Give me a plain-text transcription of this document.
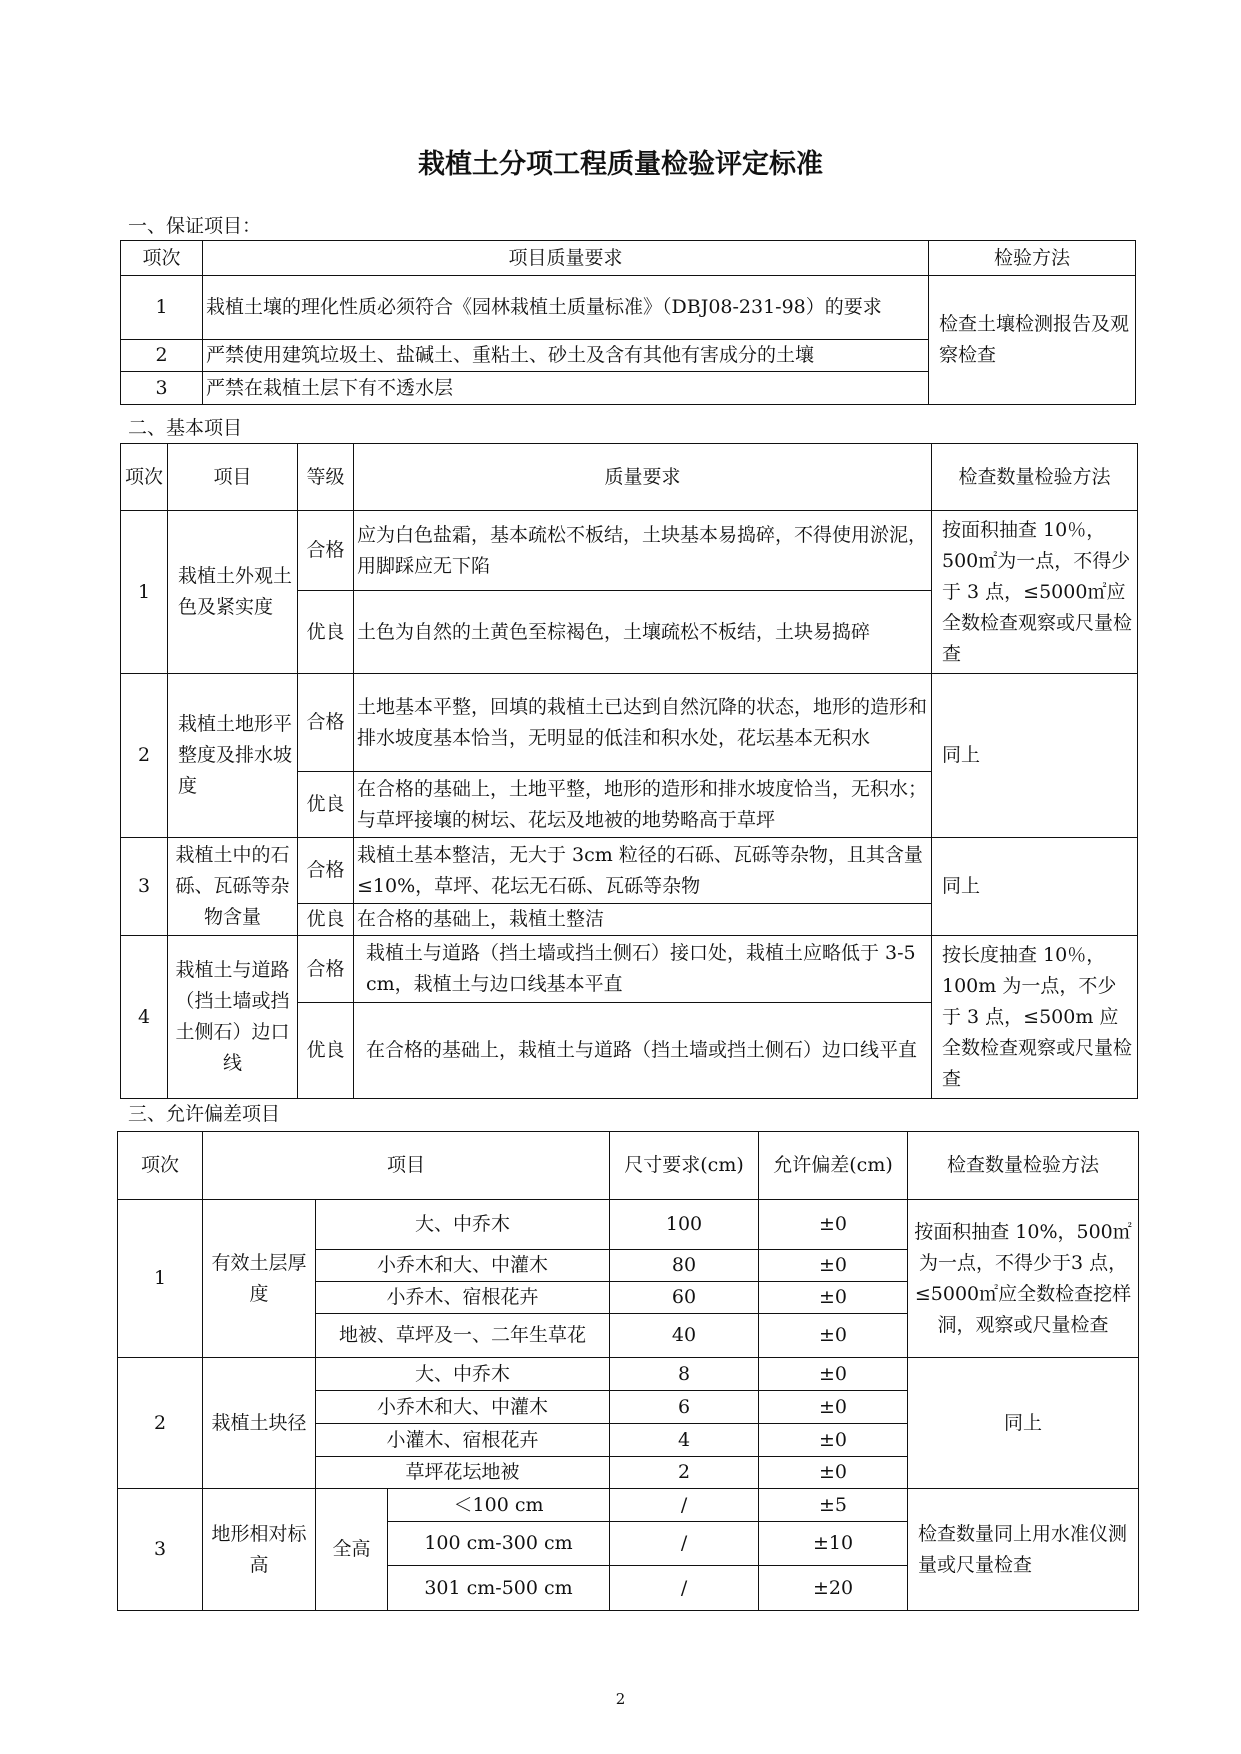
栽植土分项工程质量检验评定标准
一、保证项目：
项次	项目质量要求	检验方法
1	栽植土壤的理化性质必须符合《园林栽植土质量标准》（DBJ08-231-98）的要求	检查土壤检测报告及观察检查
2	严禁使用建筑垃圾土、盐碱土、重粘土、砂土及含有其他有害成分的土壤	
3	严禁在栽植土层下有不透水层	
二、基本项目
项次	项目	等级	质量要求	检查数量检验方法
1	栽植土外观土色及紧实度	合格	应为白色盐霜，基本疏松不板结，土块基本易捣碎，不得使用淤泥，用脚踩应无下陷	按面积抽查 10％，500㎡为一点，不得少于 3 点，≤5000㎡应全数检查观察或尺量检查
		优良	土色为自然的土黄色至棕褐色，土壤疏松不板结，土块易捣碎	
2	栽植土地形平整度及排水坡度	合格	土地基本平整，回填的栽植土已达到自然沉降的状态，地形的造形和排水坡度基本恰当，无明显的低洼和积水处，花坛基本无积水	同上
		优良	在合格的基础上，土地平整，地形的造形和排水坡度恰当，无积水；与草坪接壤的树坛、花坛及地被的地势略高于草坪	
3	栽植土中的石砾、瓦砾等杂物含量	合格	栽植土基本整洁，无大于 3cm 粒径的石砾、瓦砾等杂物，且其含量≤10%，草坪、花坛无石砾、瓦砾等杂物	同上
		优良	在合格的基础上，栽植土整洁	
4	栽植土与道路（挡土墙或挡土侧石）边口线	合格	栽植土与道路（挡土墙或挡土侧石）接口处，栽植土应略低于 3-5 cm，栽植土与边口线基本平直	按长度抽查 10％，100m 为一点，不少于 3 点，≤500m 应全数检查观察或尺量检查
		优良	在合格的基础上，栽植土与道路（挡土墙或挡土侧石）边口线平直	
三、允许偏差项目
项次	项目			尺寸要求(cm)	允许偏差(cm)	检查数量检验方法
1	有效土层厚度	大、中乔木		100	±0	按面积抽查 10%，500㎡为一点，不得少于3 点，≤5000㎡应全数检查挖样洞，观察或尺量检查
		小乔木和大、中灌木		80	±0	
		小乔木、宿根花卉		60	±0	
		地被、草坪及一、二年生草花		40	±0	
2	栽植土块径	大、中乔木		8	±0	同上
		小乔木和大、中灌木		6	±0	
		小灌木、宿根花卉		4	±0	
		草坪花坛地被		2	±0	
3	地形相对标高	全高	＜100 cm	/	±5	检查数量同上用水准仪测量或尺量检查
			100 cm-300 cm	/	±10	
			301 cm-500 cm	/	±20	
2
